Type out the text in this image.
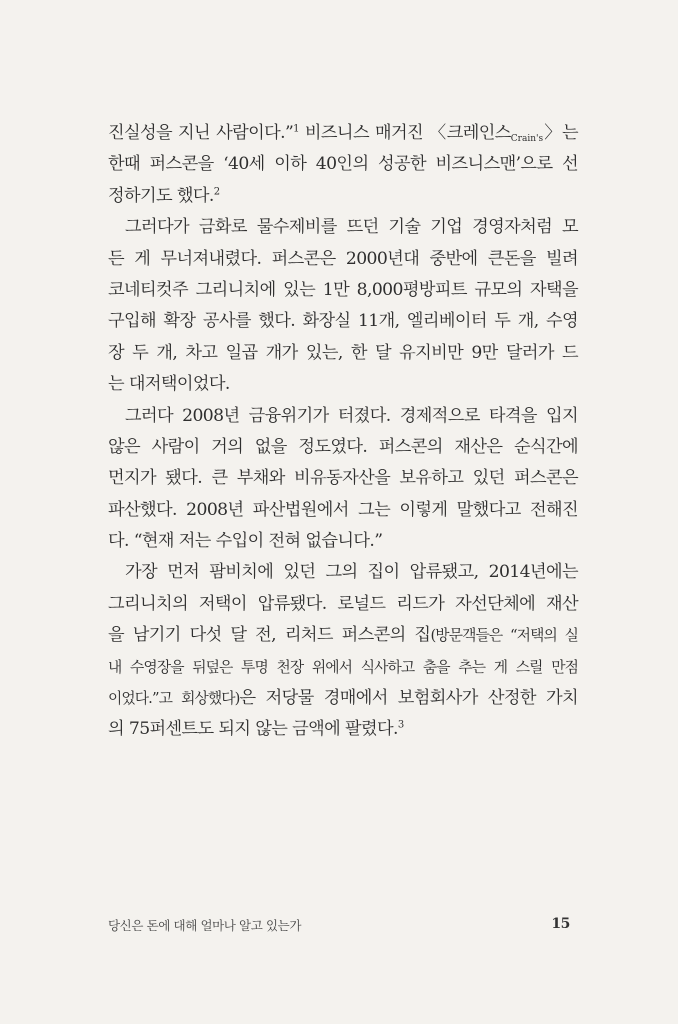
진실성을 지닌 사람이다.”$^1$ 비즈니스 매거진 〈크레인스$_{Crain's}$〉는
한때 퍼스콘을 ‘40세 이하 40인의 성공한 비즈니스맨’으로 선
정하기도 했다.$^2$
그러다가 금화로 물수제비를 뜨던 기술 기업 경영자처럼 모
든 게 무너져내렸다. 퍼스콘은 2000년대 중반에 큰돈을 빌려
코네티컷주 그리니치에 있는 1만 8,000평방피트 규모의 자택을
구입해 확장 공사를 했다. 화장실 11개, 엘리베이터 두 개, 수영
장 두 개, 차고 일곱 개가 있는, 한 달 유지비만 9만 달러가 드
는 대저택이었다.
그러다 2008년 금융위기가 터졌다. 경제적으로 타격을 입지
않은 사람이 거의 없을 정도였다. 퍼스콘의 재산은 순식간에
먼지가 됐다. 큰 부채와 비유동자산을 보유하고 있던 퍼스콘은
파산했다. 2008년 파산법원에서 그는 이렇게 말했다고 전해진
다. “현재 저는 수입이 전혀 없습니다.”
가장 먼저 팜비치에 있던 그의 집이 압류됐고, 2014년에는
그리니치의 저택이 압류됐다. 로널드 리드가 자선단체에 재산
을 남기기 다섯 달 전, 리처드 퍼스콘의 집(방문객들은 “저택의 실
내 수영장을 뒤덮은 투명 천장 위에서 식사하고 춤을 추는 게 스릴 만점
이었다.”고 회상했다)은 저당물 경매에서 보험회사가 산정한 가치
의 75퍼센트도 되지 않는 금액에 팔렸다.$^3$
당신은 돈에 대해 얼마나 알고 있는가	15
